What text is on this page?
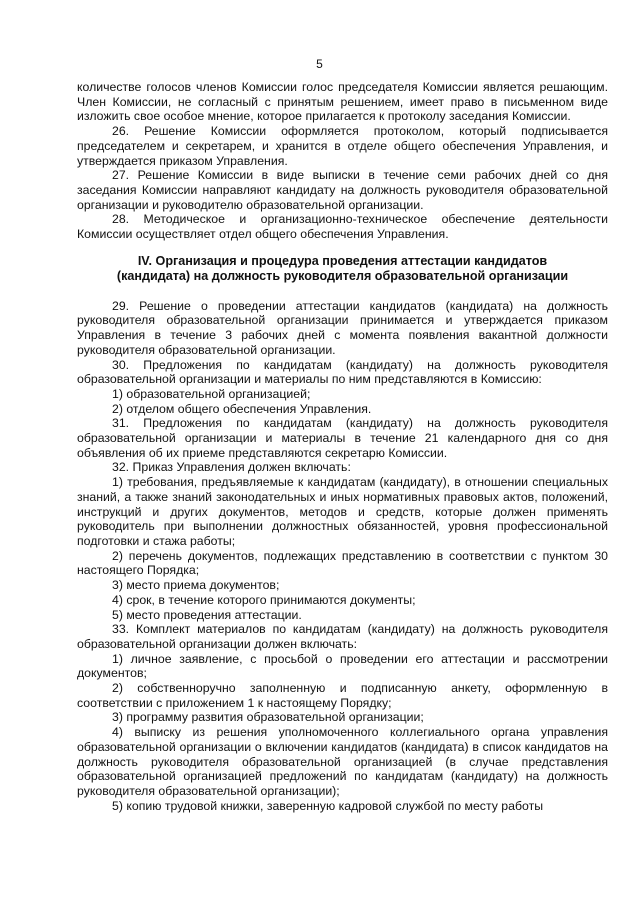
5

количестве голосов членов Комиссии голос председателя Комиссии является решающим. Член Комиссии, не согласный с принятым решением, имеет право в письменном виде изложить свое особое мнение, которое прилагается к протоколу заседания Комиссии.

26. Решение Комиссии оформляется протоколом, который подписывается председателем и секретарем, и хранится в отделе общего обеспечения Управления, и утверждается приказом Управления.

27. Решение Комиссии в виде выписки в течение семи рабочих дней со дня заседания Комиссии направляют кандидату на должность руководителя образовательной организации и руководителю образовательной организации.

28. Методическое и организационно-техническое обеспечение деятельности Комиссии осуществляет отдел общего обеспечения Управления.

IV. Организация и процедура проведения аттестации кандидатов
(кандидата) на должность руководителя образовательной организации

29. Решение о проведении аттестации кандидатов (кандидата) на должность руководителя образовательной организации принимается и утверждается приказом Управления в течение 3 рабочих дней с момента появления вакантной должности руководителя образовательной организации.

30. Предложения по кандидатам (кандидату) на должность руководителя образовательной организации и материалы по ним представляются в Комиссию:

1) образовательной организацией;

2) отделом общего обеспечения Управления.

31. Предложения по кандидатам (кандидату) на должность руководителя образовательной организации и материалы в течение 21 календарного дня со дня объявления об их приеме представляются секретарю Комиссии.

32. Приказ Управления должен включать:

1) требования, предъявляемые к кандидатам (кандидату), в отношении специальных знаний, а также знаний законодательных и иных нормативных правовых актов, положений, инструкций и других документов, методов и средств, которые должен применять руководитель при выполнении должностных обязанностей, уровня профессиональной подготовки и стажа работы;

2) перечень документов, подлежащих представлению в соответствии с пунктом 30 настоящего Порядка;

3) место приема документов;

4) срок, в течение которого принимаются документы;

5) место проведения аттестации.

33. Комплект материалов по кандидатам (кандидату) на должность руководителя образовательной организации должен включать:

1) личное заявление, с просьбой о проведении его аттестации и рассмотрении документов;

2) собственноручно заполненную и подписанную анкету, оформленную в соответствии с приложением 1 к настоящему Порядку;

3) программу развития образовательной организации;

4) выписку из решения уполномоченного коллегиального органа управления образовательной организации о включении кандидатов (кандидата) в список кандидатов на должность руководителя образовательной организацией (в случае представления образовательной организацией предложений по кандидатам (кандидату) на должность руководителя образовательной организации);

5) копию трудовой книжки, заверенную кадровой службой по месту работы
